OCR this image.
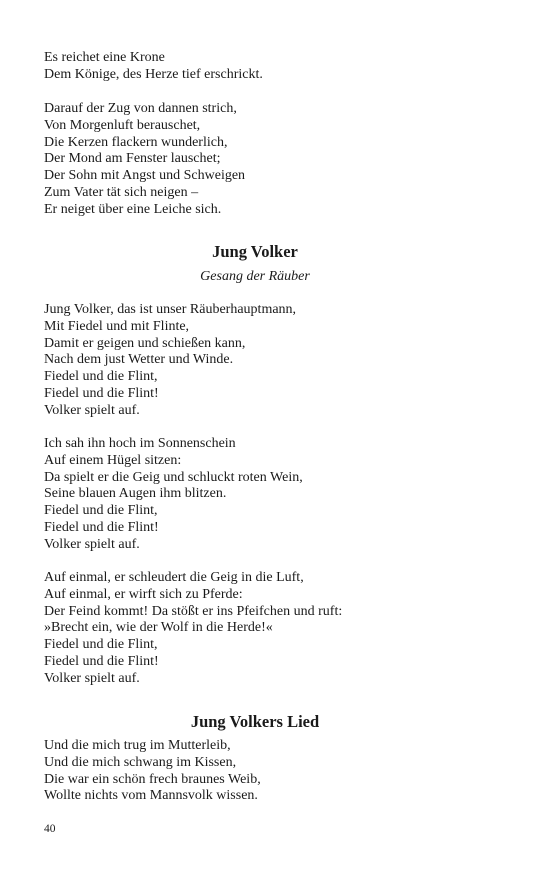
Es reichet eine Krone
Dem Könige, des Herze tief erschrickt.
Darauf der Zug von dannen strich,
Von Morgenluft berauschet,
Die Kerzen flackern wunderlich,
Der Mond am Fenster lauschet;
Der Sohn mit Angst und Schweigen
Zum Vater tät sich neigen –
Er neiget über eine Leiche sich.
Jung Volker
Gesang der Räuber
Jung Volker, das ist unser Räuberhauptmann,
Mit Fiedel und mit Flinte,
Damit er geigen und schießen kann,
Nach dem just Wetter und Winde.
Fiedel und die Flint,
Fiedel und die Flint!
Volker spielt auf.
Ich sah ihn hoch im Sonnenschein
Auf einem Hügel sitzen:
Da spielt er die Geig und schluckt roten Wein,
Seine blauen Augen ihm blitzen.
Fiedel und die Flint,
Fiedel und die Flint!
Volker spielt auf.
Auf einmal, er schleudert die Geig in die Luft,
Auf einmal, er wirft sich zu Pferde:
Der Feind kommt! Da stößt er ins Pfeifchen und ruft:
»Brecht ein, wie der Wolf in die Herde!«
Fiedel und die Flint,
Fiedel und die Flint!
Volker spielt auf.
Jung Volkers Lied
Und die mich trug im Mutterleib,
Und die mich schwang im Kissen,
Die war ein schön frech braunes Weib,
Wollte nichts vom Mannsvolk wissen.
40
